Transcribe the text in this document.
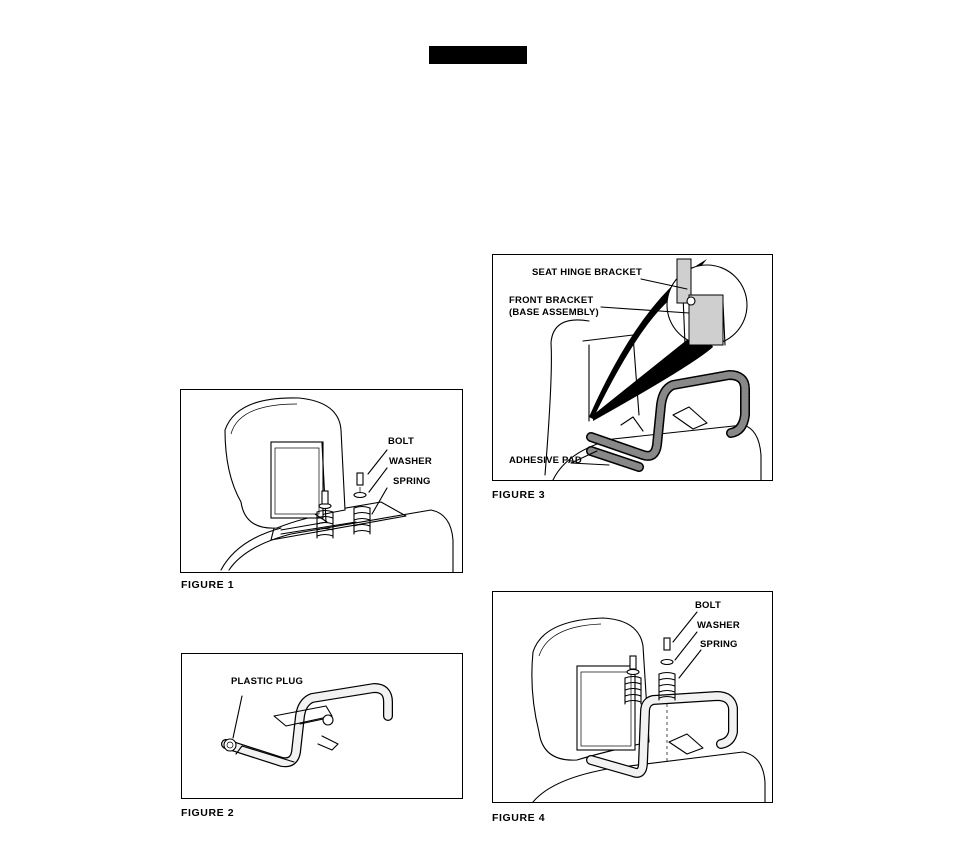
BOLT
WASHER
SPRING
FIGURE 1
PLASTIC PLUG
FIGURE 2
SEAT HINGE BRACKET
FRONT BRACKET
(BASE ASSEMBLY)
ADHESIVE PAD
FIGURE 3
BOLT
WASHER
SPRING
FIGURE 4
